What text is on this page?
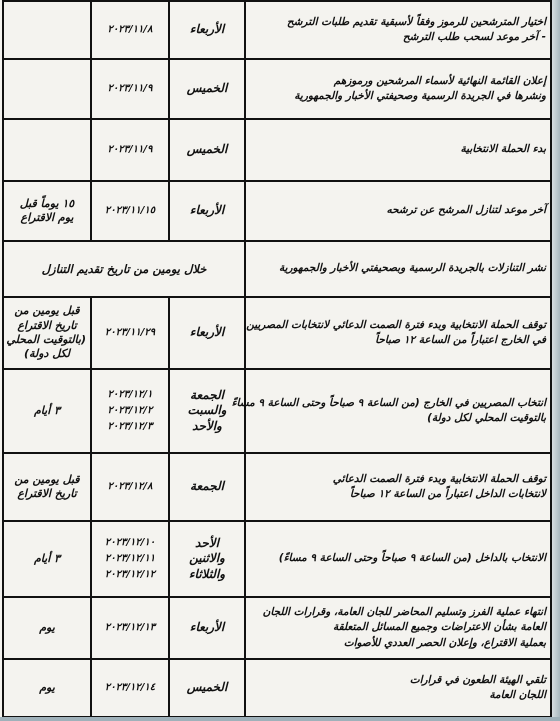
	٢٠٢٣/١١/٨	الأربعاء	اختيار المترشحين للرموز وفقاً لأسبقية تقديم طلبات الترشح
- آخر موعد لسحب طلب الترشح

	٢٠٢٣/١١/٩	الخميس	إعلان القائمة النهائية لأسماء المرشحين ورموزهم
ونشرها في الجريدة الرسمية وصحيفتي الأخبار والجمهورية

	٢٠٢٣/١١/٩	الخميس	بدء الحملة الانتخابية

١٥ يوماً قبل
يوم الاقتراع	٢٠٢٣/١١/١٥	الأربعاء	آخر موعد لتنازل المرشح عن ترشحه

خلال يومين من تاريخ تقديم التنازل			نشر التنازلات بالجريدة الرسمية وبصحيفتي الأخبار والجمهورية

قبل يومين من
تاريخ الاقتراع
(بالتوقيت المحلي
لكل دولة)	٢٠٢٣/١١/٢٩	الأربعاء	توقف الحملة الانتخابية وبدء فترة الصمت الدعائي لانتخابات المصريين
في الخارج اعتباراً من الساعة ١٢ صباحاً

٣ أيام	٢٠٢٣/١٢/١
٢٠٢٣/١٢/٢
٢٠٢٣/١٢/٣	الجمعة
والسبت
والأحد	انتخاب المصريين في الخارج (من الساعة ٩ صباحاً وحتى الساعة ٩ مساءً
بالتوقيت المحلي لكل دولة)

قبل يومين من
تاريخ الاقتراع	٢٠٢٣/١٢/٨	الجمعة	توقف الحملة الانتخابية وبدء فترة الصمت الدعائي
لانتخابات الداخل اعتباراً من الساعة ١٢ صباحاً

٣ أيام	٢٠٢٣/١٢/١٠
٢٠٢٣/١٢/١١
٢٠٢٣/١٢/١٢	الأحد
والاثنين
والثلاثاء	الانتخاب بالداخل (من الساعة ٩ صباحاً وحتى الساعة ٩ مساءً)

يوم	٢٠٢٣/١٢/١٣	الأربعاء	انتهاء عملية الفرز وتسليم المحاضر للجان العامة، وقرارات اللجان
العامة بشأن الاعتراضات وجميع المسائل المتعلقة
بعملية الاقتراع، وإعلان الحصر العددي للأصوات

يوم	٢٠٢٣/١٢/١٤	الخميس	تلقي الهيئة الطعون في قرارات
اللجان العامة
